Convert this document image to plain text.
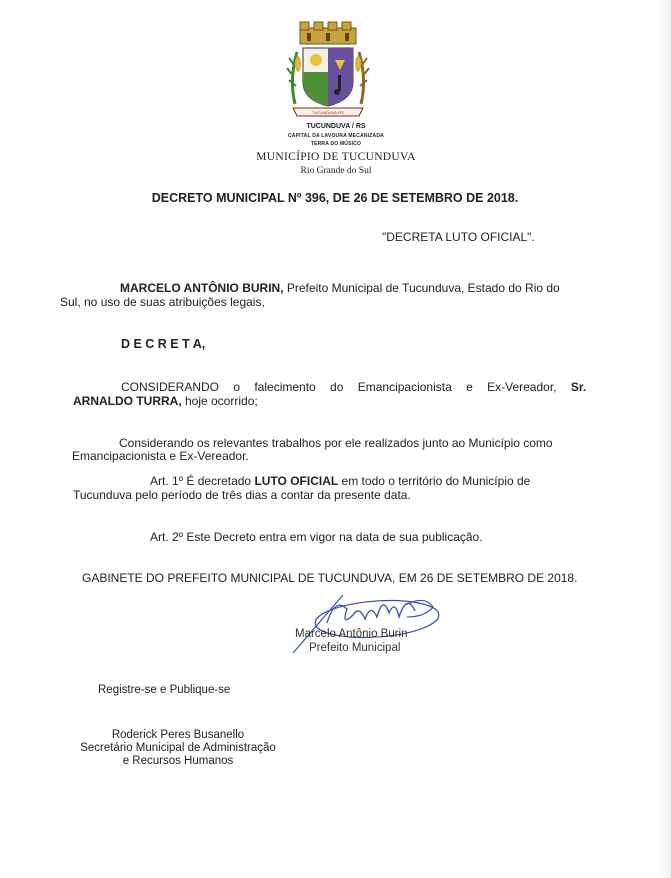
TUCUNDUVA-RS

TUCUNDUVA / RS

CAPITAL DA LAVOURA MECANIZADA

TERRA DO MÚSICO

MUNICÍPIO DE TUCUNDUVA

Rio Grande do Sul

DECRETO MUNICIPAL Nº 396, DE 26 DE SETEMBRO DE 2018.

"DECRETA LUTO OFICIAL".

MARCELO ANTÔNIO BURIN, Prefeito Municipal de Tucunduva, Estado do Rio do

Sul, no uso de suas atribuições legais,

D E C R E T A,

CONSIDERANDO o falecimento do Emancipacionista e Ex-Vereador, Sr.

ARNALDO TURRA, hoje ocorrido;

Considerando os relevantes trabalhos por ele realizados junto ao Município como

Emancipacionista e Ex-Vereador.

Art. 1º É decretado LUTO OFICIAL em todo o território do Município de

Tucunduva pelo período de três dias a contar da presente data.

Art. 2º Este Decreto entra em vigor na data de sua publicação.

GABINETE DO PREFEITO MUNICIPAL DE TUCUNDUVA, EM 26 DE SETEMBRO DE 2018.

Marcelo Antônio Burin

Prefeito Municipal

Registre-se e Publique-se

Roderick Peres Busanello

Secretário Municipal de Administração

e Recursos Humanos
